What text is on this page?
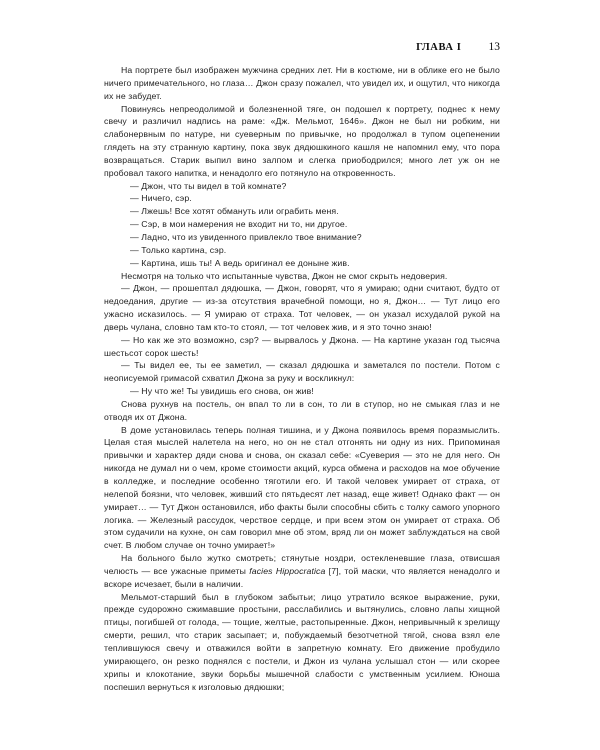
ГЛАВА I 13

На портрете был изображен мужчина средних лет. Ни в костюме, ни в облике его не было ничего примечательного, но глаза… Джон сразу пожалел, что увидел их, и ощутил, что никогда их не забудет.

Повинуясь непреодолимой и болезненной тяге, он подошел к портрету, поднес к нему свечу и различил надпись на раме: «Дж. Мельмот, 1646». Джон не был ни робким, ни слабонервным по натуре, ни суеверным по привычке, но продолжал в тупом оцепенении глядеть на эту странную картину, пока звук дядюшкиного кашля не напомнил ему, что пора возвращаться. Старик выпил вино залпом и слегка приободрился; много лет уж он не пробовал такого напитка, и ненадолго его потянуло на откровенность.

— Джон, что ты видел в той комнате?

— Ничего, сэр.

— Лжешь! Все хотят обмануть или ограбить меня.

— Сэр, в мои намерения не входит ни то, ни другое.

— Ладно, что из увиденного привлекло твое внимание?

— Только картина, сэр.

— Картина, ишь ты! А ведь оригинал ее доныне жив.

Несмотря на только что испытанные чувства, Джон не смог скрыть недоверия.

— Джон, — прошептал дядюшка, — Джон, говорят, что я умираю; одни считают, будто от недоедания, другие — из-за отсутствия врачебной помощи, но я, Джон… — Тут лицо его ужасно исказилось. — Я умираю от страха. Тот человек, — он указал исхудалой рукой на дверь чулана, словно там кто-то стоял, — тот человек жив, и я это точно знаю!

— Но как же это возможно, сэр? — вырвалось у Джона. — На картине указан год тысяча шестьсот сорок шесть!

— Ты видел ее, ты ее заметил, — сказал дядюшка и заметался по постели. Потом с неописуемой гримасой схватил Джона за руку и воскликнул:

— Ну что же! Ты увидишь его снова, он жив!

Снова рухнув на постель, он впал то ли в сон, то ли в ступор, но не смыкая глаз и не отводя их от Джона.

В доме установилась теперь полная тишина, и у Джона появилось время поразмыслить. Целая стая мыслей налетела на него, но он не стал отгонять ни одну из них. Припоминая привычки и характер дяди снова и снова, он сказал себе: «Суеверия — это не для него. Он никогда не думал ни о чем, кроме стоимости акций, курса обмена и расходов на мое обучение в колледже, и последние особенно тяготили его. И такой человек умирает от страха, от нелепой боязни, что человек, живший сто пятьдесят лет назад, еще живет! Однако факт — он умирает… — Тут Джон остановился, ибо факты были способны сбить с толку самого упорного логика. — Железный рассудок, черствое сердце, и при всем этом он умирает от страха. Об этом судачили на кухне, он сам говорил мне об этом, вряд ли он может заблуждаться на свой счет. В любом случае он точно умирает!»

На больного было жутко смотреть; стянутые ноздри, остекленевшие глаза, отвисшая челюсть — все ужасные приметы facies Hippocratica [7], той маски, что является ненадолго и вскоре исчезает, были в наличии.

Мельмот-старший был в глубоком забытьи; лицо утратило всякое выражение, руки, прежде судорожно сжимавшие простыни, расслабились и вытянулись, словно лапы хищной птицы, погибшей от голода, — тощие, желтые, растопыренные. Джон, непривычный к зрелищу смерти, решил, что старик засыпает; и, побуждаемый безотчетной тягой, снова взял еле теплившуюся свечу и отважился войти в запретную комнату. Его движение пробудило умирающего, он резко поднялся с постели, и Джон из чулана услышал стон — или скорее хрипы и клокотание, звуки борьбы мышечной слабости с умственным усилием. Юноша поспешил вернуться к изголовью дядюшки;
